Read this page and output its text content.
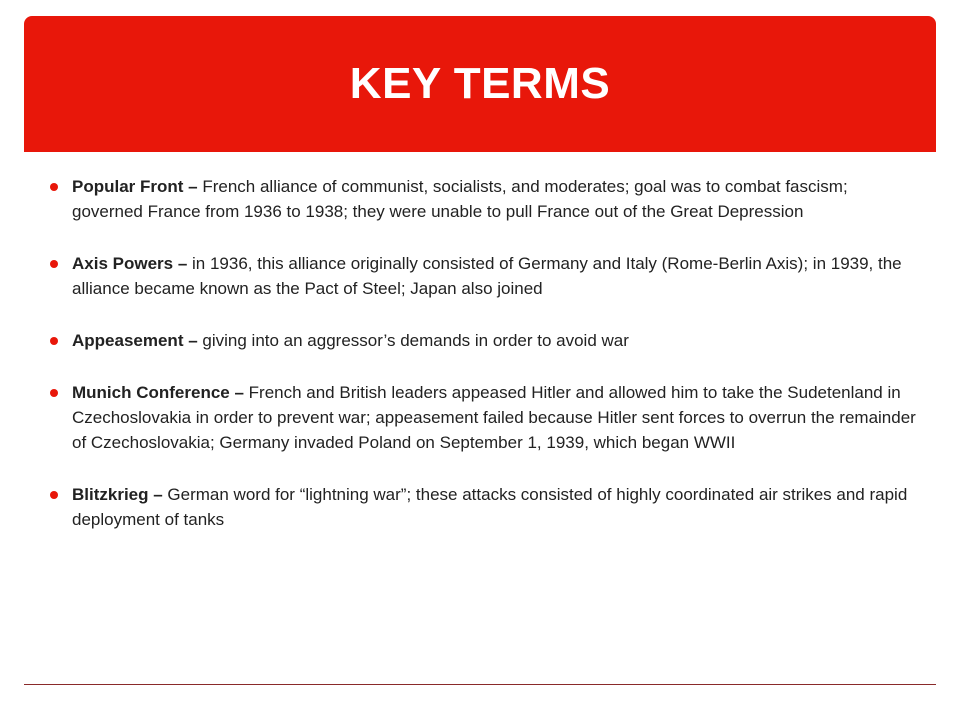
KEY TERMS
Popular Front – French alliance of communist, socialists, and moderates; goal was to combat fascism; governed France from 1936 to 1938; they were unable to pull France out of the Great Depression
Axis Powers – in 1936, this alliance originally consisted of Germany and Italy (Rome-Berlin Axis); in 1939, the alliance became known as the Pact of Steel; Japan also joined
Appeasement – giving into an aggressor’s demands in order to avoid war
Munich Conference – French and British leaders appeased Hitler and allowed him to take the Sudetenland in Czechoslovakia in order to prevent war; appeasement failed because Hitler sent forces to overrun the remainder of Czechoslovakia; Germany invaded Poland on September 1, 1939, which began WWII
Blitzkrieg – German word for “lightning war”; these attacks consisted of highly coordinated air strikes and rapid deployment of tanks
